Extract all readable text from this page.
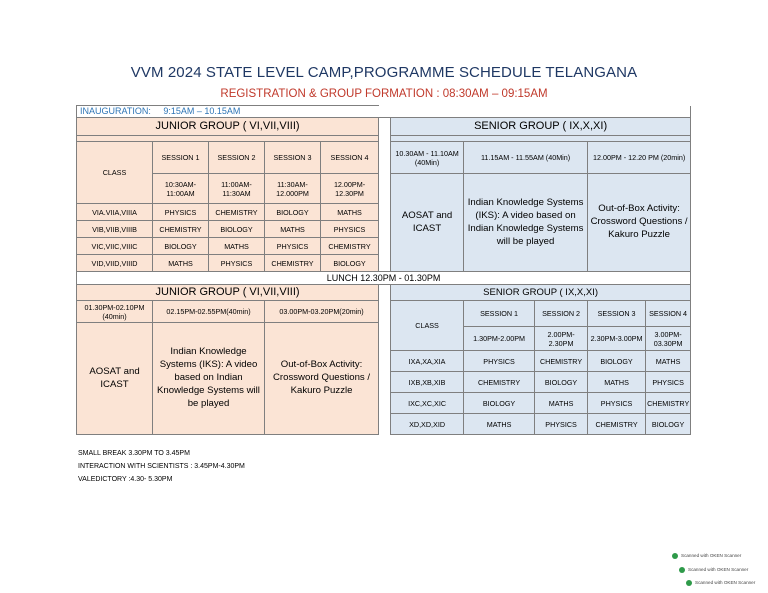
VVM 2024 STATE LEVEL CAMP,PROGRAMME SCHEDULE TELANGANA
REGISTRATION & GROUP FORMATION : 08:30AM – 09:15AM
INAUGURATION: 9:15AM – 10.15AM										
JUNIOR GROUP ( VI,VII,VIII)						SENIOR GROUP ( IX,X,XI)				

CLASS	SESSION 1	SESSION 2	SESSION 3	SESSION 4		10.30AM - 11.10AM (40Min)	11.15AM - 11.55AM (40Min)		12.00PM - 12.20 PM (20min)	
	10:30AM-11:00AM	11:00AM-11:30AM	11:30AM-12.000PM	12.00PM-12.30PM		AOSAT and ICAST	Indian Knowledge Systems (IKS): A video based on Indian Knowledge Systems will be played		Out-of-Box Activity: Crossword Questions / Kakuro Puzzle	
VIA.VIIA,VIIIA	PHYSICS	CHEMISTRY	BIOLOGY	MATHS						
VIB,VIIB,VIIIB	CHEMISTRY	BIOLOGY	MATHS	PHYSICS						
VIC,VIIC,VIIIC	BIOLOGY	MATHS	PHYSICS	CHEMISTRY						
VID,VIID,VIIID	MATHS	PHYSICS	CHEMISTRY	BIOLOGY						
LUNCH 12.30PM - 01.30PM										
JUNIOR GROUP ( VI,VII,VIII)						SENIOR GROUP ( IX,X,XI)				
01.30PM-02.10PM (40min)	02.15PM-02.55PM(40min)		03.00PM-03.20PM(20min)			CLASS	SESSION 1	SESSION 2	SESSION 3	SESSION 4
AOSAT and ICAST	Indian Knowledge Systems (IKS): A video based on Indian Knowledge Systems will be played		Out-of-Box Activity: Crossword Questions / Kakuro Puzzle							
							1.30PM-2.00PM	2.00PM-2.30PM	2.30PM-3.00PM	3.00PM-03.30PM
						IXA,XA,XIA	PHYSICS	CHEMISTRY	BIOLOGY	MATHS
						IXB,XB,XIB	CHEMISTRY	BIOLOGY	MATHS	PHYSICS
						IXC,XC,XIC	BIOLOGY	MATHS	PHYSICS	CHEMISTRY
						XD,XD,XID	MATHS	PHYSICS	CHEMISTRY	BIOLOGY
SMALL BREAK 3.30PM TO 3.45PM
INTERACTION WITH SCIENTISTS : 3.45PM-4.30PM
VALEDICTORY :4.30- 5.30PM
Scanned with OKEN Scanner
Scanned with OKEN Scanner
Scanned with OKEN Scanner
